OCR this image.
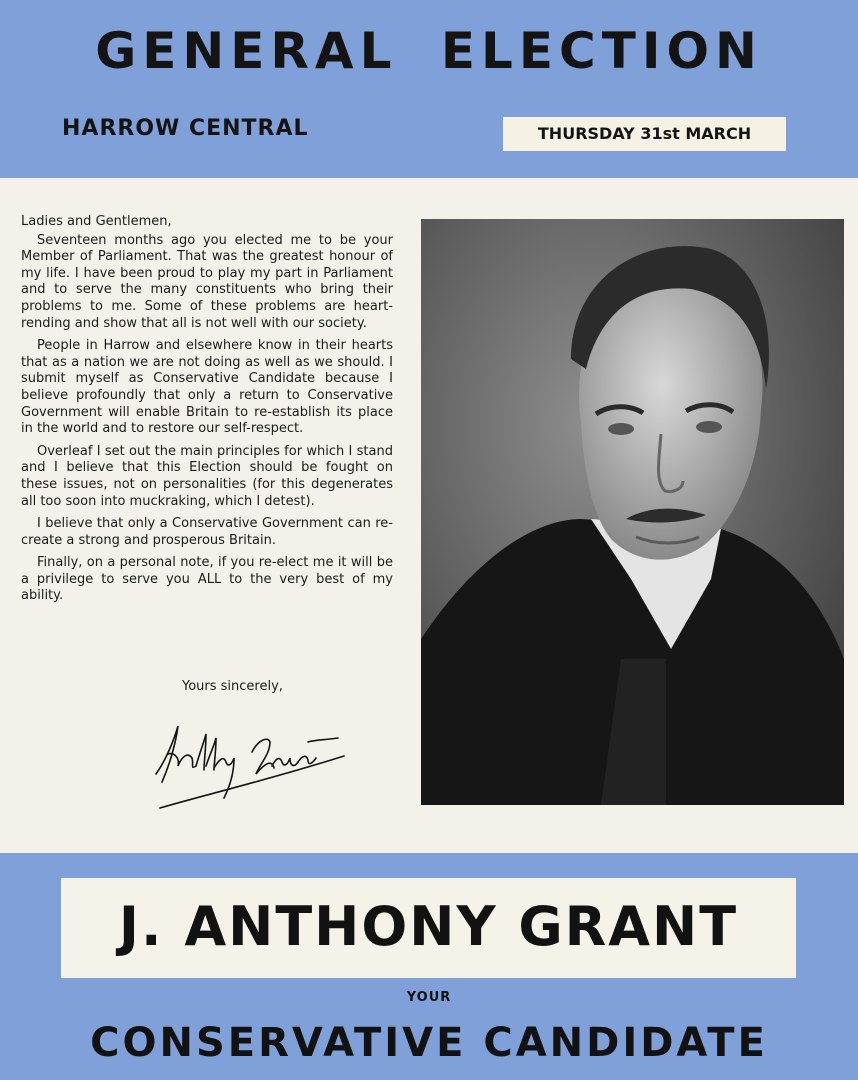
GENERAL ELECTION
HARROW CENTRAL	THURSDAY 31st MARCH

Ladies and Gentlemen,

Seventeen months ago you elected me to be your Member of Parliament. That was the greatest honour of my life. I have been proud to play my part in Parliament and to serve the many constituents who bring their problems to me. Some of these problems are heart-rending and show that all is not well with our society.

People in Harrow and elsewhere know in their hearts that as a nation we are not doing as well as we should. I submit myself as Conservative Candidate because I believe profoundly that only a return to Conservative Government will enable Britain to re-establish its place in the world and to restore our self-respect.

Overleaf I set out the main principles for which I stand and I believe that this Election should be fought on these issues, not on personalities (for this degenerates all too soon into muckraking, which I detest).

I believe that only a Conservative Government can re-create a strong and prosperous Britain.

Finally, on a personal note, if you re-elect me it will be a privilege to serve you ALL to the very best of my ability.

Yours sincerely,
J. ANTHONY GRANT
YOUR
CONSERVATIVE CANDIDATE
